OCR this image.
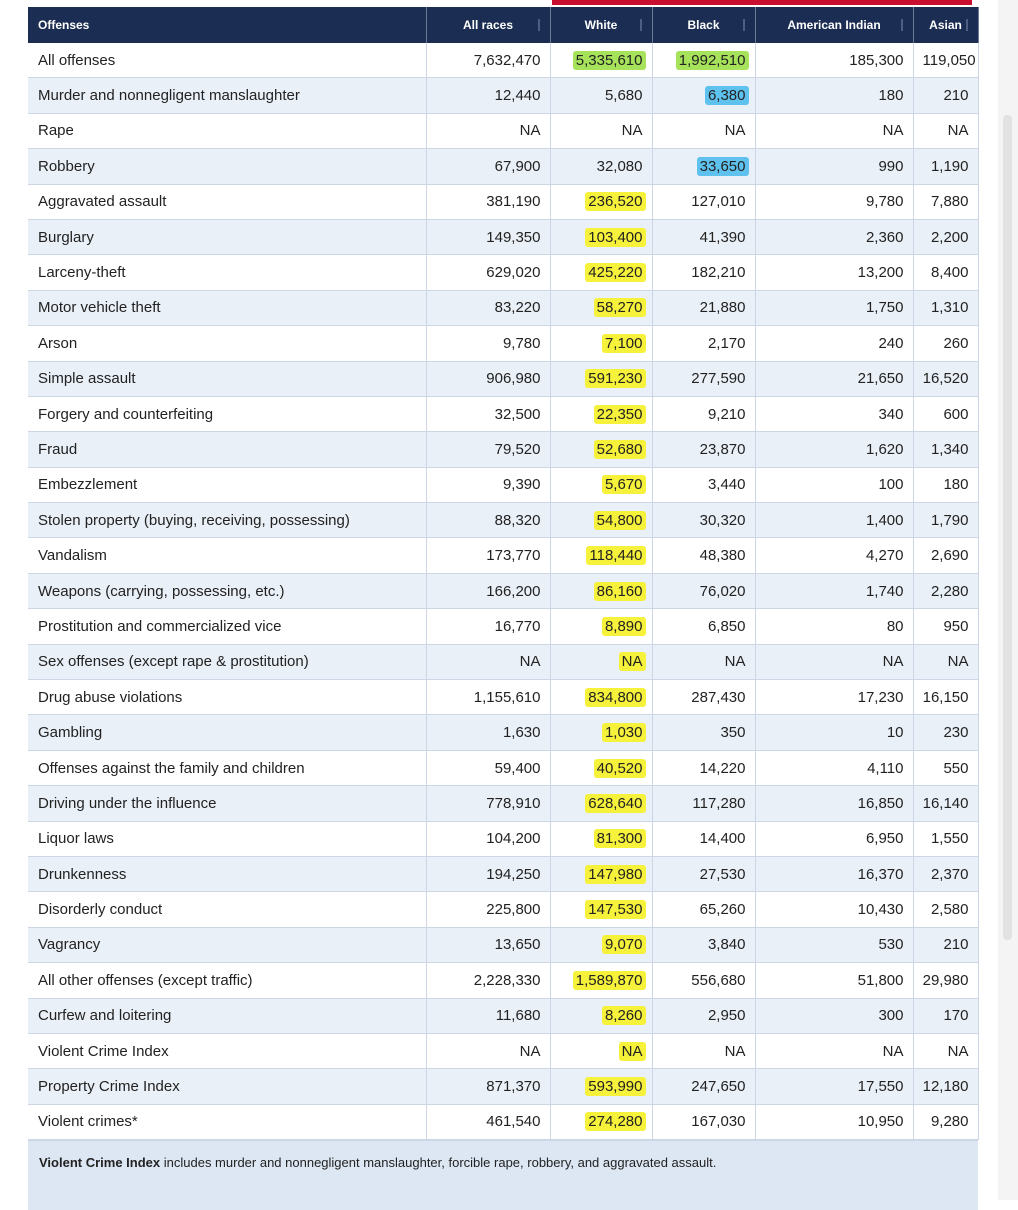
Offenses	All races	White	Black	American Indian	Asian

All offenses	7,632,470	5,335,610	1,992,510	185,300	119,050
Murder and nonnegligent manslaughter	12,440	5,680	6,380	180	210
Rape	NA	NA	NA	NA	NA
Robbery	67,900	32,080	33,650	990	1,190
Aggravated assault	381,190	236,520	127,010	9,780	7,880
Burglary	149,350	103,400	41,390	2,360	2,200
Larceny-theft	629,020	425,220	182,210	13,200	8,400
Motor vehicle theft	83,220	58,270	21,880	1,750	1,310
Arson	9,780	7,100	2,170	240	260
Simple assault	906,980	591,230	277,590	21,650	16,520
Forgery and counterfeiting	32,500	22,350	9,210	340	600
Fraud	79,520	52,680	23,870	1,620	1,340
Embezzlement	9,390	5,670	3,440	100	180
Stolen property (buying, receiving, possessing)	88,320	54,800	30,320	1,400	1,790
Vandalism	173,770	118,440	48,380	4,270	2,690
Weapons (carrying, possessing, etc.)	166,200	86,160	76,020	1,740	2,280
Prostitution and commercialized vice	16,770	8,890	6,850	80	950
Sex offenses (except rape & prostitution)	NA	NA	NA	NA	NA
Drug abuse violations	1,155,610	834,800	287,430	17,230	16,150
Gambling	1,630	1,030	350	10	230
Offenses against the family and children	59,400	40,520	14,220	4,110	550
Driving under the influence	778,910	628,640	117,280	16,850	16,140
Liquor laws	104,200	81,300	14,400	6,950	1,550
Drunkenness	194,250	147,980	27,530	16,370	2,370
Disorderly conduct	225,800	147,530	65,260	10,430	2,580
Vagrancy	13,650	9,070	3,840	530	210
All other offenses (except traffic)	2,228,330	1,589,870	556,680	51,800	29,980
Curfew and loitering	11,680	8,260	2,950	300	170
Violent Crime Index	NA	NA	NA	NA	NA
Property Crime Index	871,370	593,990	247,650	17,550	12,180
Violent crimes*	461,540	274,280	167,030	10,950	9,280
Violent Crime Index includes murder and nonnegligent manslaughter, forcible rape, robbery, and aggravated assault.
